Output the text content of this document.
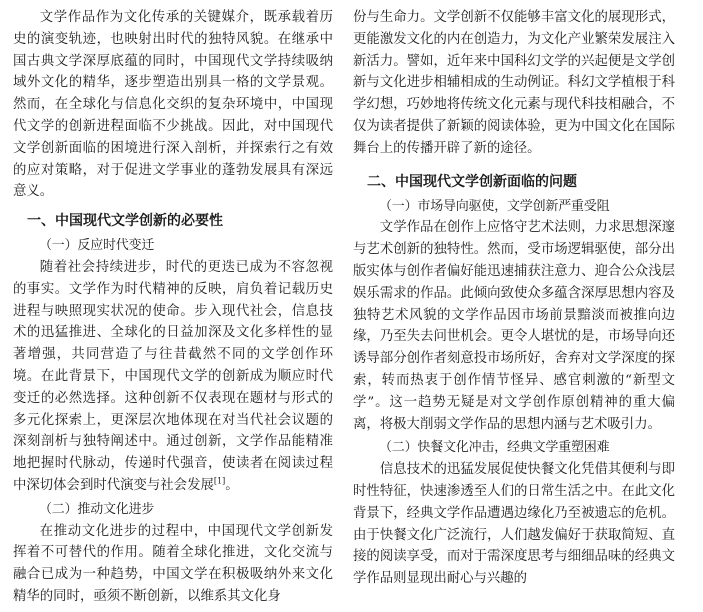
文学作品作为文化传承的关键媒介，既承载着历史的演变轨迹，也映射出时代的独特风貌。在继承中国古典文学深厚底蕴的同时，中国现代文学持续吸纳域外文化的精华，逐步塑造出别具一格的文学景观。然而，在全球化与信息化交织的复杂环境中，中国现代文学的创新进程面临不少挑战。因此，对中国现代文学创新面临的困境进行深入剖析，并探索行之有效的应对策略，对于促进文学事业的蓬勃发展具有深远意义。

一、中国现代文学创新的必要性
（一）反应时代变迁

随着社会持续进步，时代的更迭已成为不容忽视的事实。文学作为时代精神的反映，肩负着记载历史进程与映照现实状况的使命。步入现代社会，信息技术的迅猛推进、全球化的日益加深及文化多样性的显著增强，共同营造了与往昔截然不同的文学创作环境。在此背景下，中国现代文学的创新成为顺应时代变迁的必然选择。这种创新不仅表现在题材与形式的多元化探索上，更深层次地体现在对当代社会议题的深刻剖析与独特阐述中。通过创新，文学作品能精准地把握时代脉动，传递时代强音，使读者在阅读过程中深切体会到时代演变与社会发展[1]。

（二）推动文化进步

在推动文化进步的过程中，中国现代文学创新发挥着不可替代的作用。随着全球化推进，文化交流与融合已成为一种趋势，中国文学在积极吸纳外来文化精华的同时，亟须不断创新，以维系其文化身

份与生命力。文学创新不仅能够丰富文化的展现形式，更能激发文化的内在创造力，为文化产业繁荣发展注入新活力。譬如，近年来中国科幻文学的兴起便是文学创新与文化进步相辅相成的生动例证。科幻文学植根于科学幻想，巧妙地将传统文化元素与现代科技相融合，不仅为读者提供了新颖的阅读体验，更为中国文化在国际舞台上的传播开辟了新的途径。

二、中国现代文学创新面临的问题
（一）市场导向驱使，文学创新严重受阻

文学作品在创作上应恪守艺术法则，力求思想深邃与艺术创新的独特性。然而，受市场逻辑驱使，部分出版实体与创作者偏好能迅速捕获注意力、迎合公众浅层娱乐需求的作品。此倾向致使众多蕴含深厚思想内容及独特艺术风貌的文学作品因市场前景黯淡而被推向边缘，乃至失去问世机会。更令人堪忧的是，市场导向还诱导部分创作者刻意投市场所好，舍弃对文学深度的探索，转而热衷于创作情节怪异、感官刺激的“新型文学”。这一趋势无疑是对文学创作原创精神的重大偏离，将极大削弱文学作品的思想内涵与艺术吸引力。

（二）快餐文化冲击，经典文学重塑困难

信息技术的迅猛发展促使快餐文化凭借其便利与即时性特征，快速渗透至人们的日常生活之中。在此文化背景下，经典文学作品遭遇边缘化乃至被遗忘的危机。由于快餐文化广泛流行，人们越发偏好于获取简短、直接的阅读享受，而对于需深度思考与细细品味的经典文学作品则显现出耐心与兴趣的
